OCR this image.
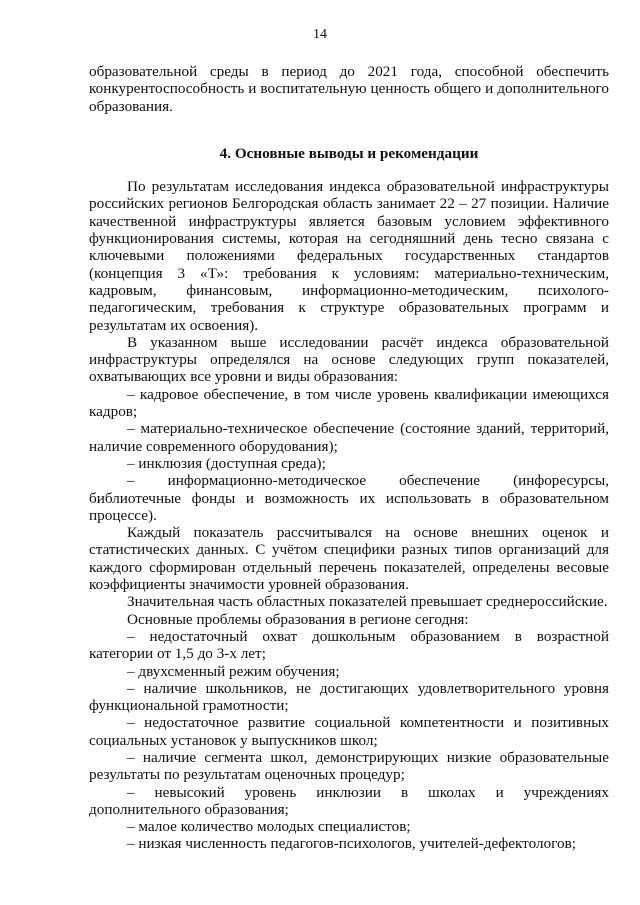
14

образовательной среды в период до 2021 года, способной обеспечить конкурентоспособность и воспитательную ценность общего и дополнительного образования.

4. Основные выводы и рекомендации

По результатам исследования индекса образовательной инфраструктуры российских регионов Белгородская область занимает 22 – 27 позиции. Наличие качественной инфраструктуры является базовым условием эффективного функционирования системы, которая на сегодняшний день тесно связана с ключевыми положениями федеральных государственных стандартов (концепция 3 «Т»: требования к условиям: материально-техническим, кадровым, финансовым, информационно-методическим, психолого-педагогическим, требования к структуре образовательных программ и результатам их освоения).

В указанном выше исследовании расчёт индекса образовательной инфраструктуры определялся на основе следующих групп показателей, охватывающих все уровни и виды образования:

– кадровое обеспечение, в том числе уровень квалификации имеющихся кадров;

– материально-техническое обеспечение (состояние зданий, территорий, наличие современного оборудования);

– инклюзия (доступная среда);

– информационно-методическое обеспечение (инфоресурсы, библиотечные фонды и возможность их использовать в образовательном процессе).

Каждый показатель рассчитывался на основе внешних оценок и статистических данных. С учётом специфики разных типов организаций для каждого сформирован отдельный перечень показателей, определены весовые коэффициенты значимости уровней образования.

Значительная часть областных показателей превышает среднероссийские.

Основные проблемы образования в регионе сегодня:

– недостаточный охват дошкольным образованием в возрастной категории от 1,5 до 3-х лет;

– двухсменный режим обучения;

– наличие школьников, не достигающих удовлетворительного уровня функциональной грамотности;

– недостаточное развитие социальной компетентности и позитивных социальных установок у выпускников школ;

– наличие сегмента школ, демонстрирующих низкие образовательные результаты по результатам оценочных процедур;

– невысокий уровень инклюзии в школах и учреждениях дополнительного образования;

– малое количество молодых специалистов;

– низкая численность педагогов-психологов, учителей-дефектологов;
